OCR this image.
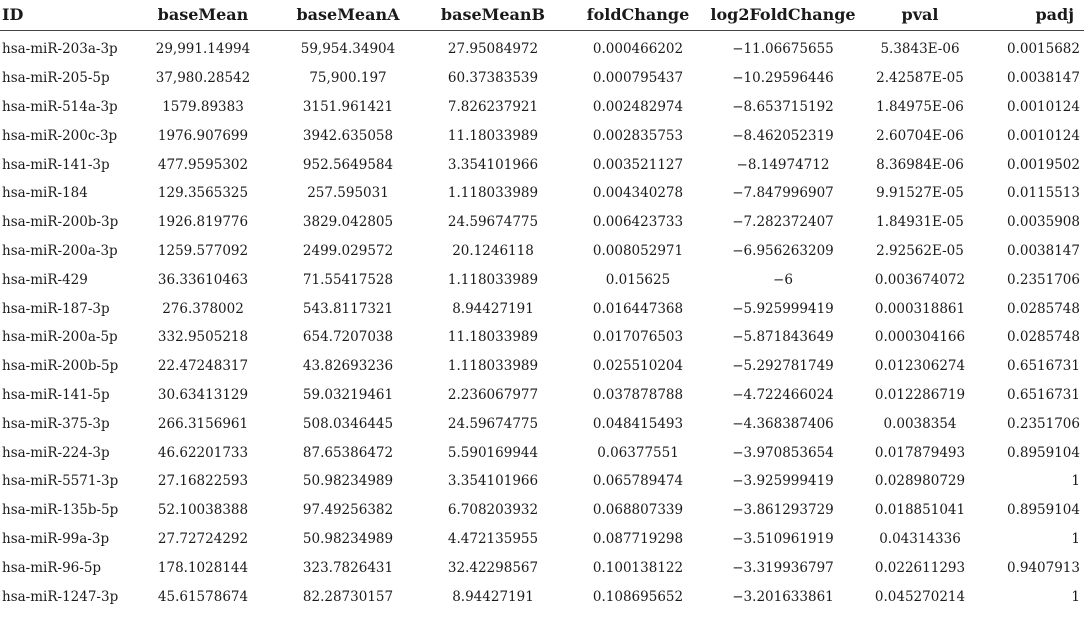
ID	baseMean	baseMeanA	baseMeanB	foldChange	log2FoldChange	pval	padj
hsa-miR-203a-3p	29,991.14994	59,954.34904	27.95084972	0.000466202	−11.06675655	5.3843E-06	0.0015682
hsa-miR-205-5p	37,980.28542	75,900.197	60.37383539	0.000795437	−10.29596446	2.42587E-05	0.0038147
hsa-miR-514a-3p	1579.89383	3151.961421	7.826237921	0.002482974	−8.653715192	1.84975E-06	0.0010124
hsa-miR-200c-3p	1976.907699	3942.635058	11.18033989	0.002835753	−8.462052319	2.60704E-06	0.0010124
hsa-miR-141-3p	477.9595302	952.5649584	3.354101966	0.003521127	−8.14974712	8.36984E-06	0.0019502
hsa-miR-184	129.3565325	257.595031	1.118033989	0.004340278	−7.847996907	9.91527E-05	0.0115513
hsa-miR-200b-3p	1926.819776	3829.042805	24.59674775	0.006423733	−7.282372407	1.84931E-05	0.0035908
hsa-miR-200a-3p	1259.577092	2499.029572	20.1246118	0.008052971	−6.956263209	2.92562E-05	0.0038147
hsa-miR-429	36.33610463	71.55417528	1.118033989	0.015625	−6	0.003674072	0.2351706
hsa-miR-187-3p	276.378002	543.8117321	8.94427191	0.016447368	−5.925999419	0.000318861	0.0285748
hsa-miR-200a-5p	332.9505218	654.7207038	11.18033989	0.017076503	−5.871843649	0.000304166	0.0285748
hsa-miR-200b-5p	22.47248317	43.82693236	1.118033989	0.025510204	−5.292781749	0.012306274	0.6516731
hsa-miR-141-5p	30.63413129	59.03219461	2.236067977	0.037878788	−4.722466024	0.012286719	0.6516731
hsa-miR-375-3p	266.3156961	508.0346445	24.59674775	0.048415493	−4.368387406	0.0038354	0.2351706
hsa-miR-224-3p	46.62201733	87.65386472	5.590169944	0.06377551	−3.970853654	0.017879493	0.8959104
hsa-miR-5571-3p	27.16822593	50.98234989	3.354101966	0.065789474	−3.925999419	0.028980729	1
hsa-miR-135b-5p	52.10038388	97.49256382	6.708203932	0.068807339	−3.861293729	0.018851041	0.8959104
hsa-miR-99a-3p	27.72724292	50.98234989	4.472135955	0.087719298	−3.510961919	0.04314336	1
hsa-miR-96-5p	178.1028144	323.7826431	32.42298567	0.100138122	−3.319936797	0.022611293	0.9407913
hsa-miR-1247-3p	45.61578674	82.28730157	8.94427191	0.108695652	−3.201633861	0.045270214	1
